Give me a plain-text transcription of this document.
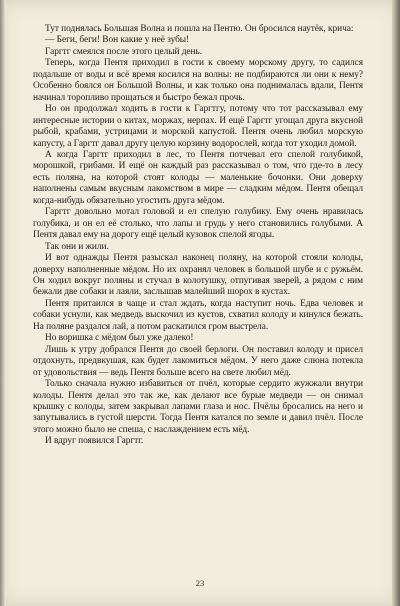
Тут поднялась Большая Волна и пошла на Пентю. Он бросился наутёк, крича:

— Беги, беги! Вон какие у неё зубы!

Гаргтг смеялся после этого целый день.

Теперь, когда Пентя приходил в гости к своему морскому другу, то садился подальше от воды и всё время косился на волны: не подбираются ли они к нему? Особенно боялся он Большой Волны, и как только она поднималась вдали, Пентя начинал торопливо прощаться и быстро бежал прочь.

Но он продолжал ходить в гости к Гаргтгу, потому что тот рассказывал ему интересные истории о китах, моржах, нерпах. И ещё Гаргтг угощал друга вкусной рыбой, крабами, устрицами и морской капустой. Пентя очень любил морскую капусту, а Гаргтг давал другу целую корзину водорослей, когда тот уходил домой.

А когда Гаргтг приходил в лес, то Пентя потчевал его спелой голубикой, морошкой, грибами. И ещё он каждый раз рассказывал о том, что где-то в лесу есть поляна, на которой стоят колоды — маленькие бочонки. Они доверху наполнены самым вкусным лакомством в мире — сладким мёдом. Пентя обещал когда-нибудь обязательно угостить друга мёдом.

Гаргтг довольно мотал головой и ел спелую голубику. Ему очень нравилась голубика, и он ел её столько, что лапы и грудь у него становились голубыми. А Пентя давал ему на дорогу ещё целый кузовок спелой ягоды.

Так они и жили.

И вот однажды Пентя разыскал наконец поляну, на которой стояли колоды, доверху наполненные мёдом. Но их охранял человек в большой шубе и с ружьём. Он ходил вокруг поляны и стучал в колотушку, отпугивая зверей, а рядом с ним бежали две собаки и лаяли, заслышав малейший шорох в кустах.

Пентя притаился в чаще и стал ждать, когда наступит ночь. Едва человек и собаки уснули, как медведь выскочил из кустов, схватил колоду и кинулся бежать. На поляне раздался лай, а потом раскатился гром выстрела.

Но воришка с мёдом был уже далеко!

Лишь к утру добрался Пентя до своей берлоги. Он поставил колоду и присел отдохнуть, предвкушая, как будет лакомиться мёдом. У него даже слюна потекла от удовольствия — ведь Пентя больше всего на свете любил мёд.

Только сначала нужно избавиться от пчёл, которые сердито жужжали внутри колоды. Пентя делал это так же, как делают все бурые медведи — он снимал крышку с колоды, затем закрывал лапами глаза и нос. Пчёлы бросались на него и запутывались в густой шерсти. Тогда Пентя катался по земле и давил пчёл. После этого можно было не спеша, с наслаждением есть мёд.

И вдруг появился Гаргтг.

23
